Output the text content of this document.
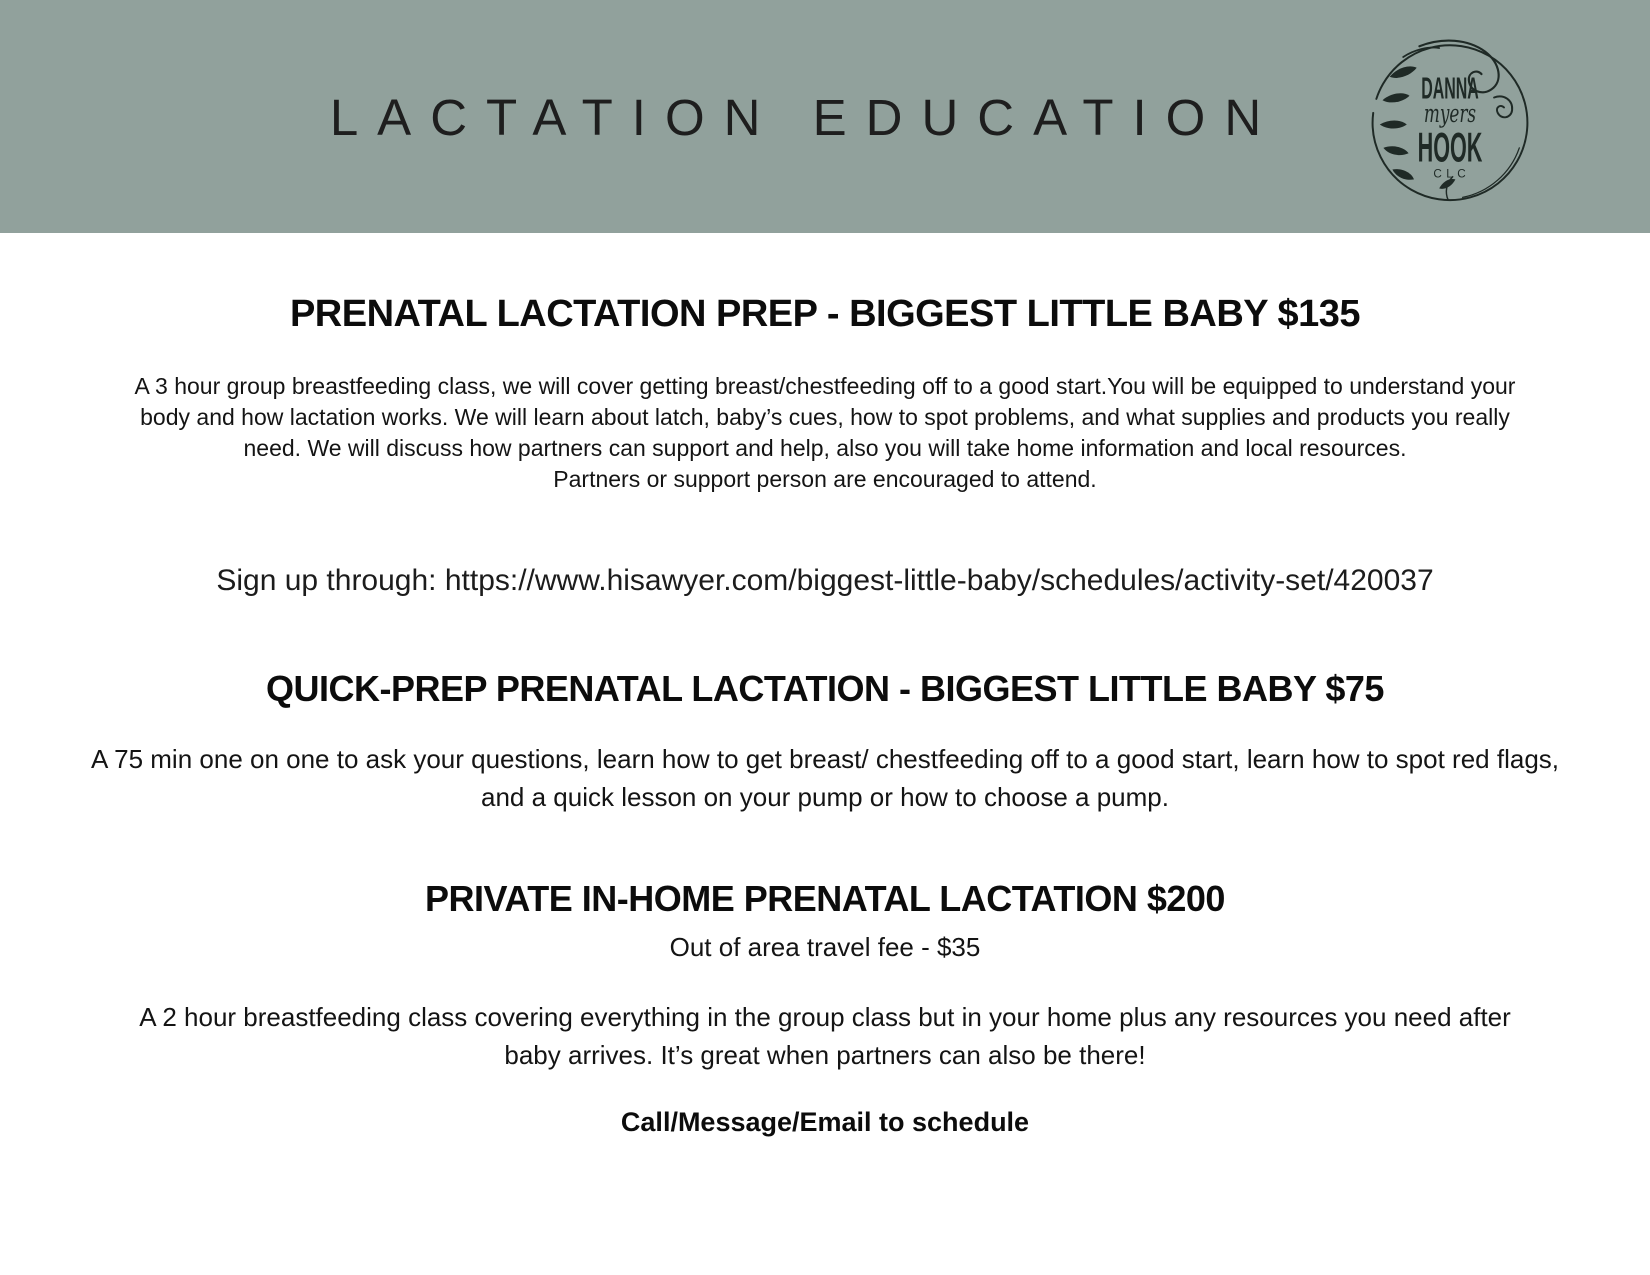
LACTATION EDUCATION
DANNA
myers
HOOK
CLC
PRENATAL LACTATION PREP - BIGGEST LITTLE BABY $135
A 3 hour group breastfeeding class, we will cover getting breast/chestfeeding off to a good start.You will be equipped to understand your body and how lactation works. We will learn about latch, baby’s cues, how to spot problems, and what supplies and products you really need. We will discuss how partners can support and help, also you will take home information and local resources.
Partners or support person are encouraged to attend.
Sign up through: https://www.hisawyer.com/biggest-little-baby/schedules/activity-set/420037
QUICK-PREP PRENATAL LACTATION - BIGGEST LITTLE BABY $75
A 75 min one on one to ask your questions, learn how to get breast/ chestfeeding off to a good start, learn how to spot red flags, and a quick lesson on your pump or how to choose a pump.
PRIVATE IN-HOME PRENATAL LACTATION $200
Out of area travel fee - $35
A 2 hour breastfeeding class covering everything in the group class but in your home plus any resources you need after baby arrives. It’s great when partners can also be there!
Call/Message/Email to schedule
